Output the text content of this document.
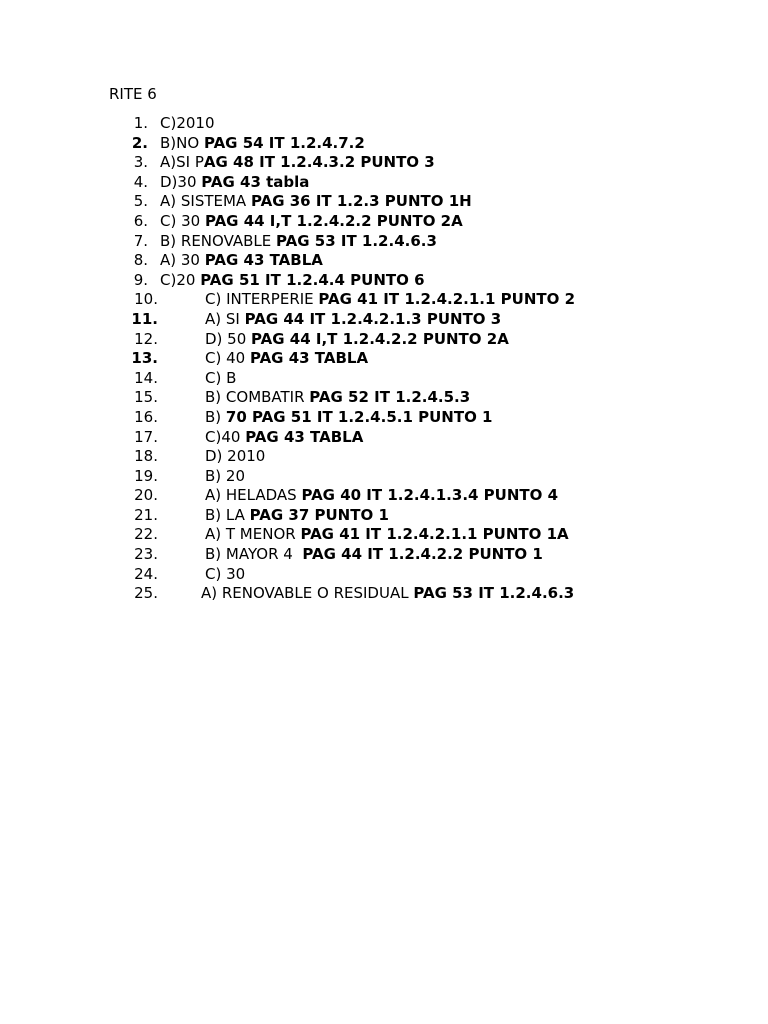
RITE 6
1. C)2010
2. B)NO PAG 54 IT 1.2.4.7.2
3. A)SI PAG 48 IT 1.2.4.3.2 PUNTO 3
4. D)30 PAG 43 tabla
5. A) SISTEMA PAG 36 IT 1.2.3 PUNTO 1H
6. C) 30 PAG 44 I,T 1.2.4.2.2 PUNTO 2A
7. B) RENOVABLE PAG 53 IT 1.2.4.6.3
8. A) 30 PAG 43 TABLA
9. C)20 PAG 51 IT 1.2.4.4 PUNTO 6
10.	C) INTERPERIE PAG 41 IT 1.2.4.2.1.1 PUNTO 2
11.	A) SI PAG 44 IT 1.2.4.2.1.3 PUNTO 3
12.	D) 50 PAG 44 I,T 1.2.4.2.2 PUNTO 2A
13.	C) 40 PAG 43 TABLA
14.	C) B
15.	B) COMBATIR PAG 52 IT 1.2.4.5.3
16.	B) 70 PAG 51 IT 1.2.4.5.1 PUNTO 1
17.	C)40 PAG 43 TABLA
18.	D) 2010
19.	B) 20
20.	A) HELADAS PAG 40 IT 1.2.4.1.3.4 PUNTO 4
21.	B) LA PAG 37 PUNTO 1
22.	A) T MENOR PAG 41 IT 1.2.4.2.1.1 PUNTO 1A
23.	B) MAYOR 4  PAG 44 IT 1.2.4.2.2 PUNTO 1
24.	C) 30
25.	A) RENOVABLE O RESIDUAL PAG 53 IT 1.2.4.6.3
